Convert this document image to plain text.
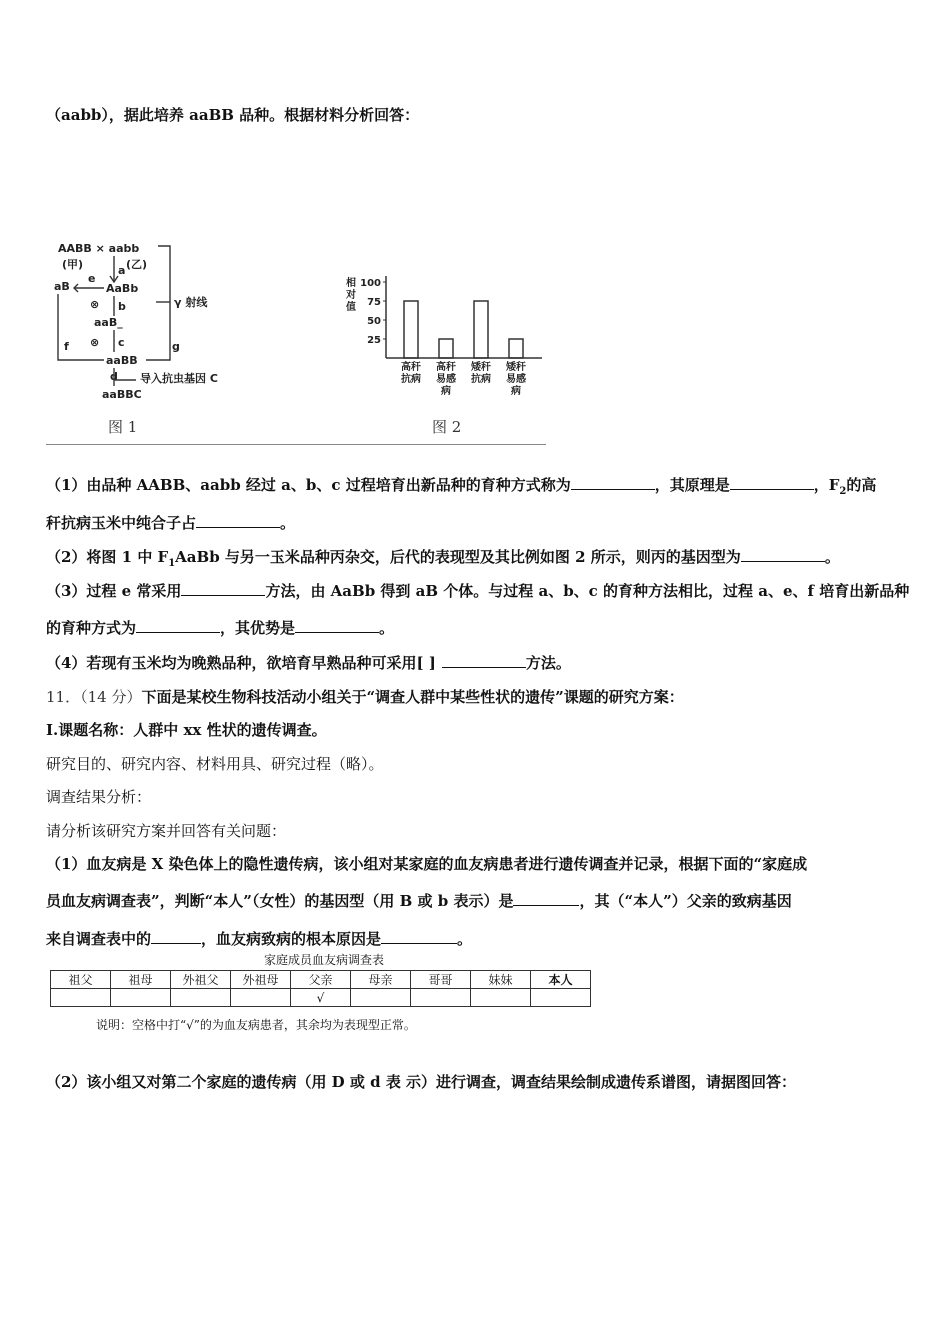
（aabb），据此培养 aaBB 品种。根据材料分析回答：
AABB × aabb
(甲)	(乙)
a
e
aB	AaBb
⊗ b
aaB_
⊗ c
aaBB
d
aaBBC
γ 射线
g
f
导入抗虫基因 C
图 1
相
对
值
100
75
50
25
高秆
抗病
高秆
易感
病
矮秆
抗病
矮秆
易感
病
图 2
（1）由品种 AABB、aabb 经过 a、b、c 过程培育出新品种的育种方式称为	，其原理是	，$F_2$的高
秆抗病玉米中纯合子占	。
（2）将图 1 中 $F_1AaBb$ 与另一玉米品种丙杂交，后代的表现型及其比例如图 2 所示，则丙的基因型为	。
（3）过程 e 常采用	方法，由 AaBb 得到 aB 个体。与过程 a、b、c 的育种方法相比，过程 a、e、f 培育出新品种
的育种方式为	，其优势是	。
（4）若现有玉米均为晚熟品种，欲培育早熟品种可采用[ ]	方法。
11．（14 分）下面是某校生物科技活动小组关于“调查人群中某些性状的遗传”课题的研究方案：
I.课题名称：人群中 xx 性状的遗传调查。
研究目的、研究内容、材料用具、研究过程（略）。
调查结果分析：
请分析该研究方案并回答有关问题：
（1）血友病是 X 染色体上的隐性遗传病，该小组对某家庭的血友病患者进行遗传调查并记录，根据下面的“家庭成
员血友病调查表”，判断“本人”（女性）的基因型（用 B 或 b 表示）是	，其（“本人”）父亲的致病基因
来自调查表中的	，血友病致病的根本原因是	。
家庭成员血友病调查表
祖父	祖母	外祖父	外祖母	父亲	母亲	哥哥	妹妹	本人
				√				
说明：空格中打“√”的为血友病患者，其余均为表现型正常。
（2）该小组又对第二个家庭的遗传病（用 D 或 d 表 示）进行调查，调查结果绘制成遗传系谱图，请据图回答：
